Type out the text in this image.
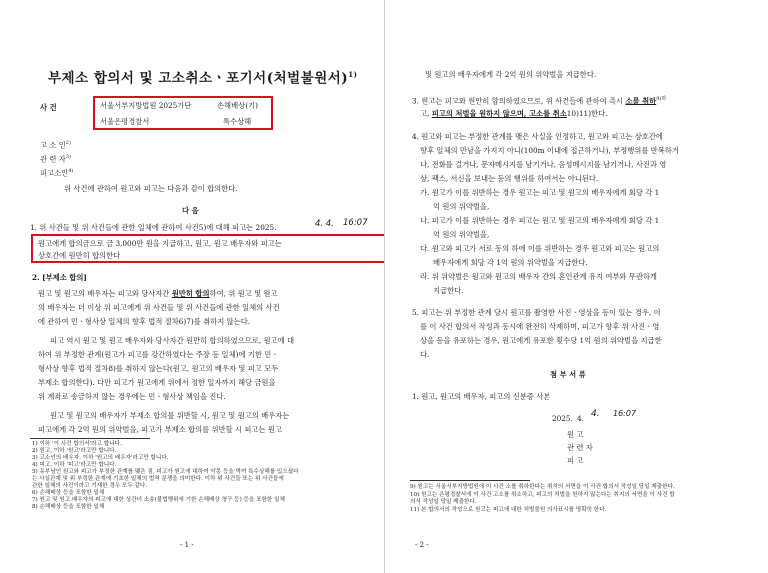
부제소 합의서 및 고소취소ㆍ포기서(처벌불원서)$^{1)}$
사 건	서울서부지방법원 2025가단	손해배상(기)
서울은평경찰서	특수상해
고 소 인$^{2)}$
관 련 자$^{3)}$
피고소인$^{4)}$
위 사건에 관하여 원고와 피고는 다음과 같이 합의한다.
다 음
1. 위 사건들 및 위 사건들에 관한 일체에 관하여 사건5)에 대해 피고는 2025.	4. 4. 16:07
원고에게 합의금으로 금 3,000만 원을 지급하고, 원고, 원고 배우자와 피고는
상호간에 원만히 합의한다
2. [부제소 합의]
원고 및 원고의 배우자는 피고와 당사자간 원만히 합의하여, 위 원고 및 원고
의 배우자는 더 이상 위 피고에게 위 사건들 및 위 사건들에 관한 일체의 사건
에 관하여 민ㆍ형사상 일체의 향후 법적 절차6)7)를 취하지 않는다.
피고 역시 원고 및 원고 배우자와 당사자간 원만히 합의하였으므로, 원고에 대
하여 위 부정한 관계(원고가 피고를 강간하였다는 주장 등 일체)에 기한 민ㆍ
형사상 향후 법적 절차8)를 취하지 않는다(원고, 원고의 배우자 및 피고 모두
부제소 합의한다). 다만 피고가 원고에게 위에서 정한 일자까지 해당 금원을
위 계좌로 송금하지 않는 경우에는 민ㆍ형사상 책임을 진다.
원고 및 원고의 배우자가 부제소 합의를 위반할 시, 원고 및 원고의 배우자는
피고에게 각 2억 원의 위약벌을, 피고가 부제소 합의를 위반할 시 피고는 원고
1) 이하 '이 사건 합의서'라고 합니다.
2) 원고, 이하 '원고'라고만 합니다.
3) 고소인의 배우자. 이하 '원고의 배우자'라고만 합니다.
4) 피고, 이하 '피고'라고만 합니다.
5) 유부남인 원고와 피고가 부정한 관계를 맺은 점, 피고가 원고에 대하여 악몽 등을 먹여 특수상해를 입으셨다
는 사실관계 및 위 부정한 관계에 기초한 일체의 법적 분쟁을 의미한다. 이하 위 사건들 또는 위 사건들에
관한 일체의 사건이라고 기재한 경우 모두 같다.
6) 손해배상 등을 포함한 일체
7) 원고 및 원고 배우자의 피고에 대한 상간녀 소송(불법행위에 기한 손해배상 청구 등) 등을 포함한 일체
8) 손해배상 등을 포함한 일체
- 1 -
및 원고의 배우자에게 각 2억 원의 위약벌을 지급한다.
3. 원고는 피고와 원만히 합의하였으므로, 위 사건들에 관하여 즉시 소를 취하$^{9)하}$
고, 피고의 처벌을 원하지 않으며, 고소를 취소10)11)한다.
4. 원고와 피고는 부정한 관계를 맺은 사실을 인정하고, 원고와 피고는 상호간에
향후 일체의 만남을 가지지 아니(100m 이내에 접근하거나), 부정행위를 반복하거
나, 전화를 걸거나, 문자메시지를 남기거나, 음성메시지를 남기거나, 사진과 영
상, 팩스, 서신을 보내는 등의 행위를 하여서는 아니된다.
가. 원고가 이를 위반하는 경우 원고는 피고 및 원고의 배우자에게 회당 각 1
억 원의 위약벌을,
나. 피고가 이를 위반하는 경우 피고는 원고 및 원고의 배우자에게 회당 각 1
억 원의 위약벌을,
다. 원고와 피고가 서로 동의 하에 이를 위반하는 경우 원고와 피고는 원고의
배우자에게 회당 각 1억 원의 위약벌을 지급한다.
라. 위 위약벌은 원고와 원고의 배우자 간의 혼인관계 유지 여부와 무관하게
지급한다.
5. 피고는 위 부정한 관계 당시 원고를 촬영한 사진ㆍ영상을 등이 있는 경우, 이
를 이 사건 합의서 작성과 동시에 완전히 삭제하며, 피고가 향후 위 사진ㆍ영
상을 등을 유포하는 경우, 원고에게 유포한 횟수당 1억 원의 위약벌을 지급한
다.
첨 부 서 류
1. 원고, 원고의 배우자, 피고의 신분증 사본
2025. 4. 4. 16:07
원 고
관 련 자
피 고
9) 원고는 서울서부지방법원에 이 사건 소를 취하한다는 취지의 서면을 이 사건 합의서 작성일 당일 제출한다.
10) 원고는 은평경찰서에 이 사건 고소를 취소하고, 피고의 처벌을 원하지 않는다는 취지의 서면을 이 사건 합
의서 작성일 당일 제출한다.
11) 본 합의서의 작성으로 원고는 피고에 대한 처벌불원 의사표시를 명확히 한다.
- 2 -
